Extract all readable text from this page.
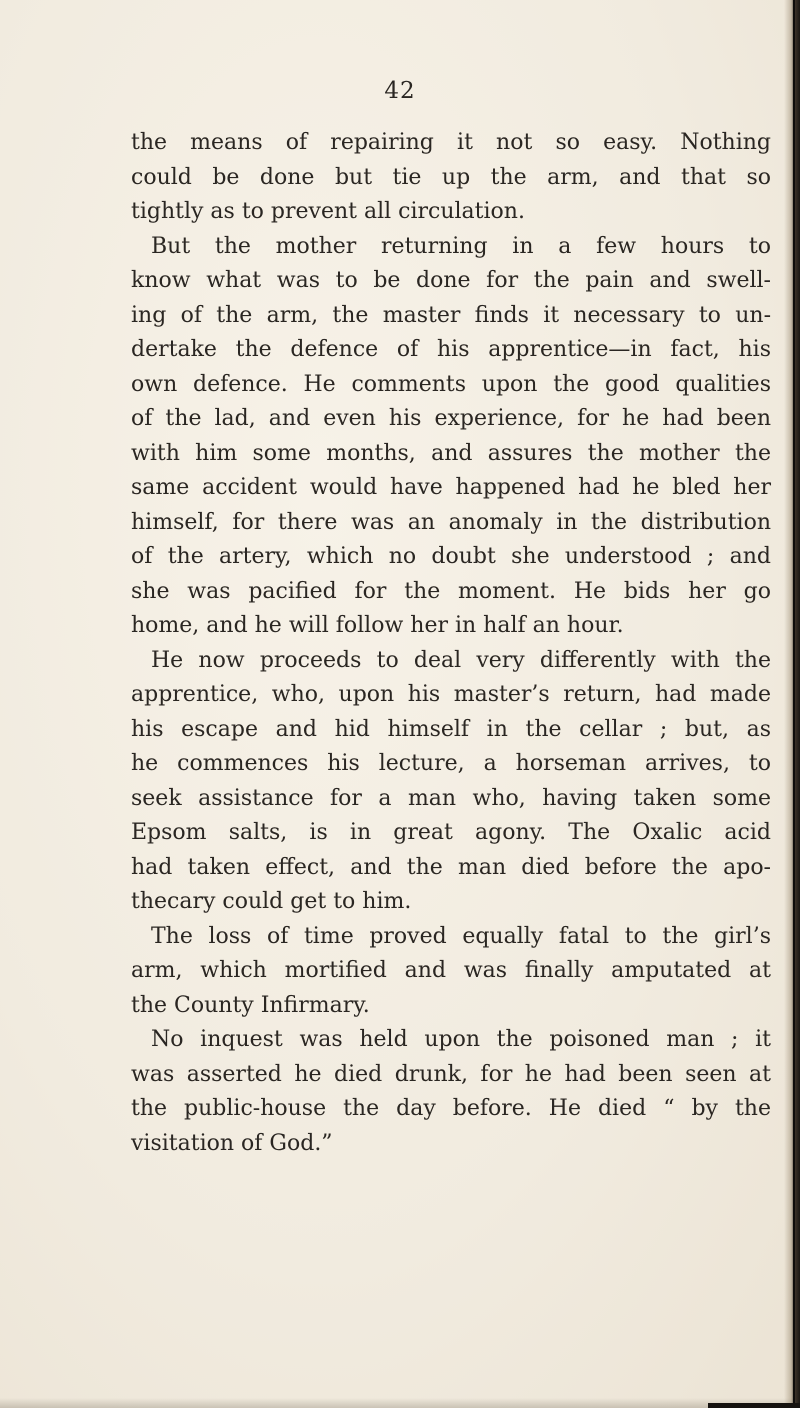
42
the means of repairing it not so easy. Nothing
could be done but tie up the arm, and that so
tightly as to prevent all circulation.
But the mother returning in a few hours to
know what was to be done for the pain and swell-
ing of the arm, the master finds it necessary to un-
dertake the defence of his apprentice—in fact, his
own defence. He comments upon the good qualities
of the lad, and even his experience, for he had been
with him some months, and assures the mother the
same accident would have happened had he bled her
himself, for there was an anomaly in the distribution
of the artery, which no doubt she understood ; and
she was pacified for the moment. He bids her go
home, and he will follow her in half an hour.
He now proceeds to deal very differently with the
apprentice, who, upon his master’s return, had made
his escape and hid himself in the cellar ; but, as
he commences his lecture, a horseman arrives, to
seek assistance for a man who, having taken some
Epsom salts, is in great agony. The Oxalic acid
had taken effect, and the man died before the apo-
thecary could get to him.
The loss of time proved equally fatal to the girl’s
arm, which mortified and was finally amputated at
the County Infirmary.
No inquest was held upon the poisoned man ; it
was asserted he died drunk, for he had been seen at
the public-house the day before. He died “ by the
visitation of God.”
